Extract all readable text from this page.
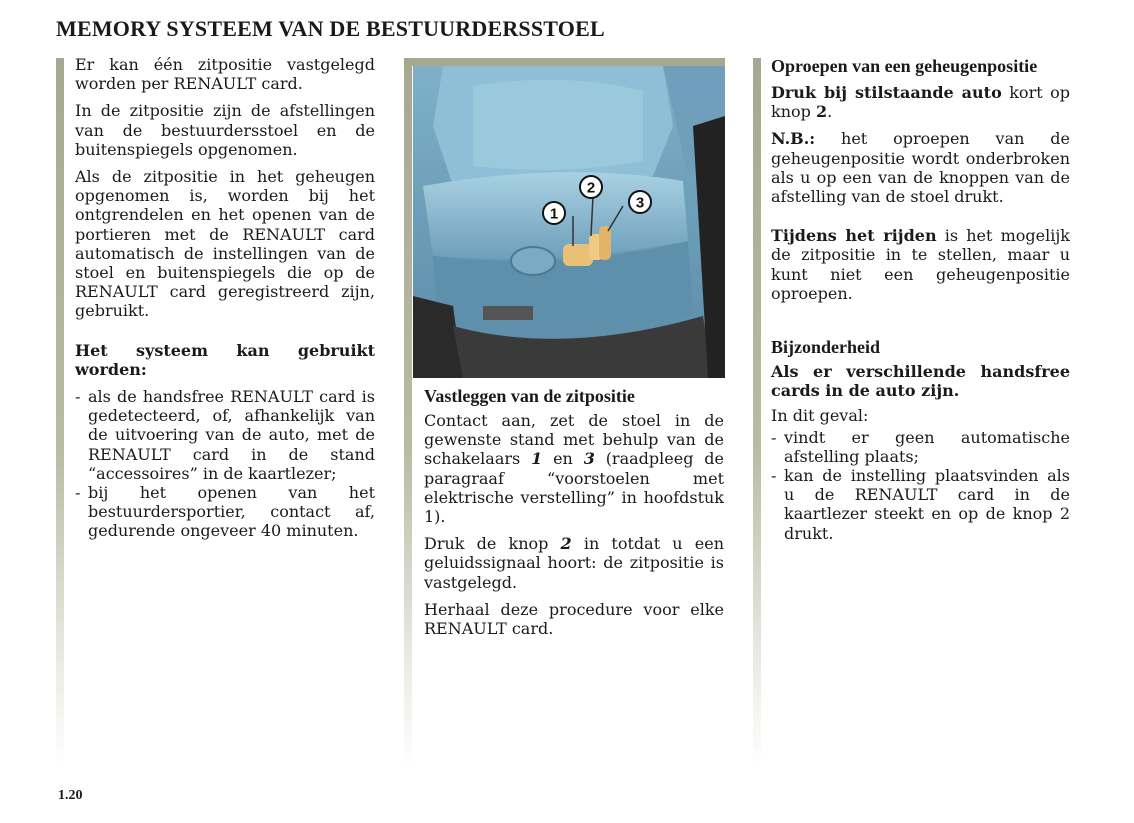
MEMORY SYSTEEM VAN DE BESTUURDERSSTOEL

Er kan één zitpositie vastgelegd worden per RENAULT card.

In de zitpositie zijn de afstellingen van de bestuurdersstoel en de buitenspiegels opgenomen.

Als de zitpositie in het geheugen opgenomen is, worden bij het ontgrendelen en het openen van de portieren met de RENAULT card automatisch de instellingen van de stoel en buitenspiegels die op de RENAULT card geregistreerd zijn, gebruikt.

Het systeem kan gebruikt worden:

- als de handsfree RENAULT card is gedetecteerd, of, afhankelijk van de uitvoering van de auto, met de RENAULT card in de stand “accessoires” in de kaartlezer;
- bij het openen van het bestuurdersportier, contact af, gedurende ongeveer 40 minuten.
1
2
3
Vastleggen van de zitpositie

Contact aan, zet de stoel in de gewenste stand met behulp van de schakelaars 1 en 3 (raadpleeg de paragraaf “voorstoelen met elektrische verstelling” in hoofdstuk 1).

Druk de knop 2 in totdat u een geluidssignaal hoort: de zitpositie is vastgelegd.

Herhaal deze procedure voor elke RENAULT card.

Oproepen van een geheugenpositie

Druk bij stilstaande auto kort op knop 2.

N.B.: het oproepen van de geheugenpositie wordt onderbroken als u op een van de knoppen van de afstelling van de stoel drukt.

Tijdens het rijden is het mogelijk de zitpositie in te stellen, maar u kunt niet een geheugenpositie oproepen.

Bijzonderheid

Als er verschillende handsfree cards in de auto zijn.

In dit geval:

- vindt er geen automatische afstelling plaats;
- kan de instelling plaatsvinden als u de RENAULT card in de kaartlezer steekt en op de knop 2 drukt.
1.20
